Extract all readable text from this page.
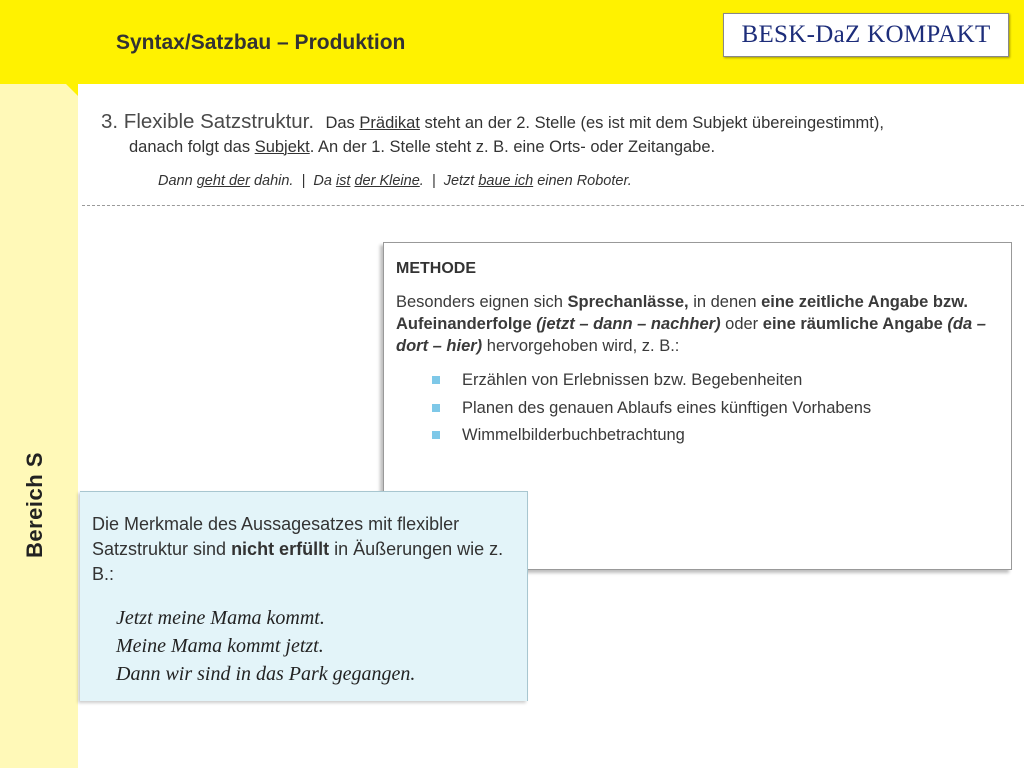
Syntax/Satzbau – Produktion	BESK-DaZ KOMPAKT
Bereich S
3. Flexible Satzstruktur. Das Prädikat steht an der 2. Stelle (es ist mit dem Subjekt übereingestimmt),
danach folgt das Subjekt. An der 1. Stelle steht z. B. eine Orts- oder Zeitangabe.
Dann geht der dahin.  |  Da ist der Kleine.  |  Jetzt baue ich einen Roboter.
METHODE
Besonders eignen sich Sprechanlässe, in denen eine zeitliche Angabe bzw. Aufeinanderfolge (jetzt – dann – nachher) oder eine räumliche Angabe (da – dort – hier) hervorgehoben wird, z. B.:
Erzählen von Erlebnissen bzw. Begebenheiten
Planen des genauen Ablaufs eines künftigen Vorhabens
Wimmelbilderbuchbetrachtung
Die Merkmale des Aussagesatzes mit flexibler Satzstruktur sind nicht erfüllt in Äußerungen wie z. B.:
Jetzt meine Mama kommt.
Meine Mama kommt jetzt.
Dann wir sind in das Park gegangen.
